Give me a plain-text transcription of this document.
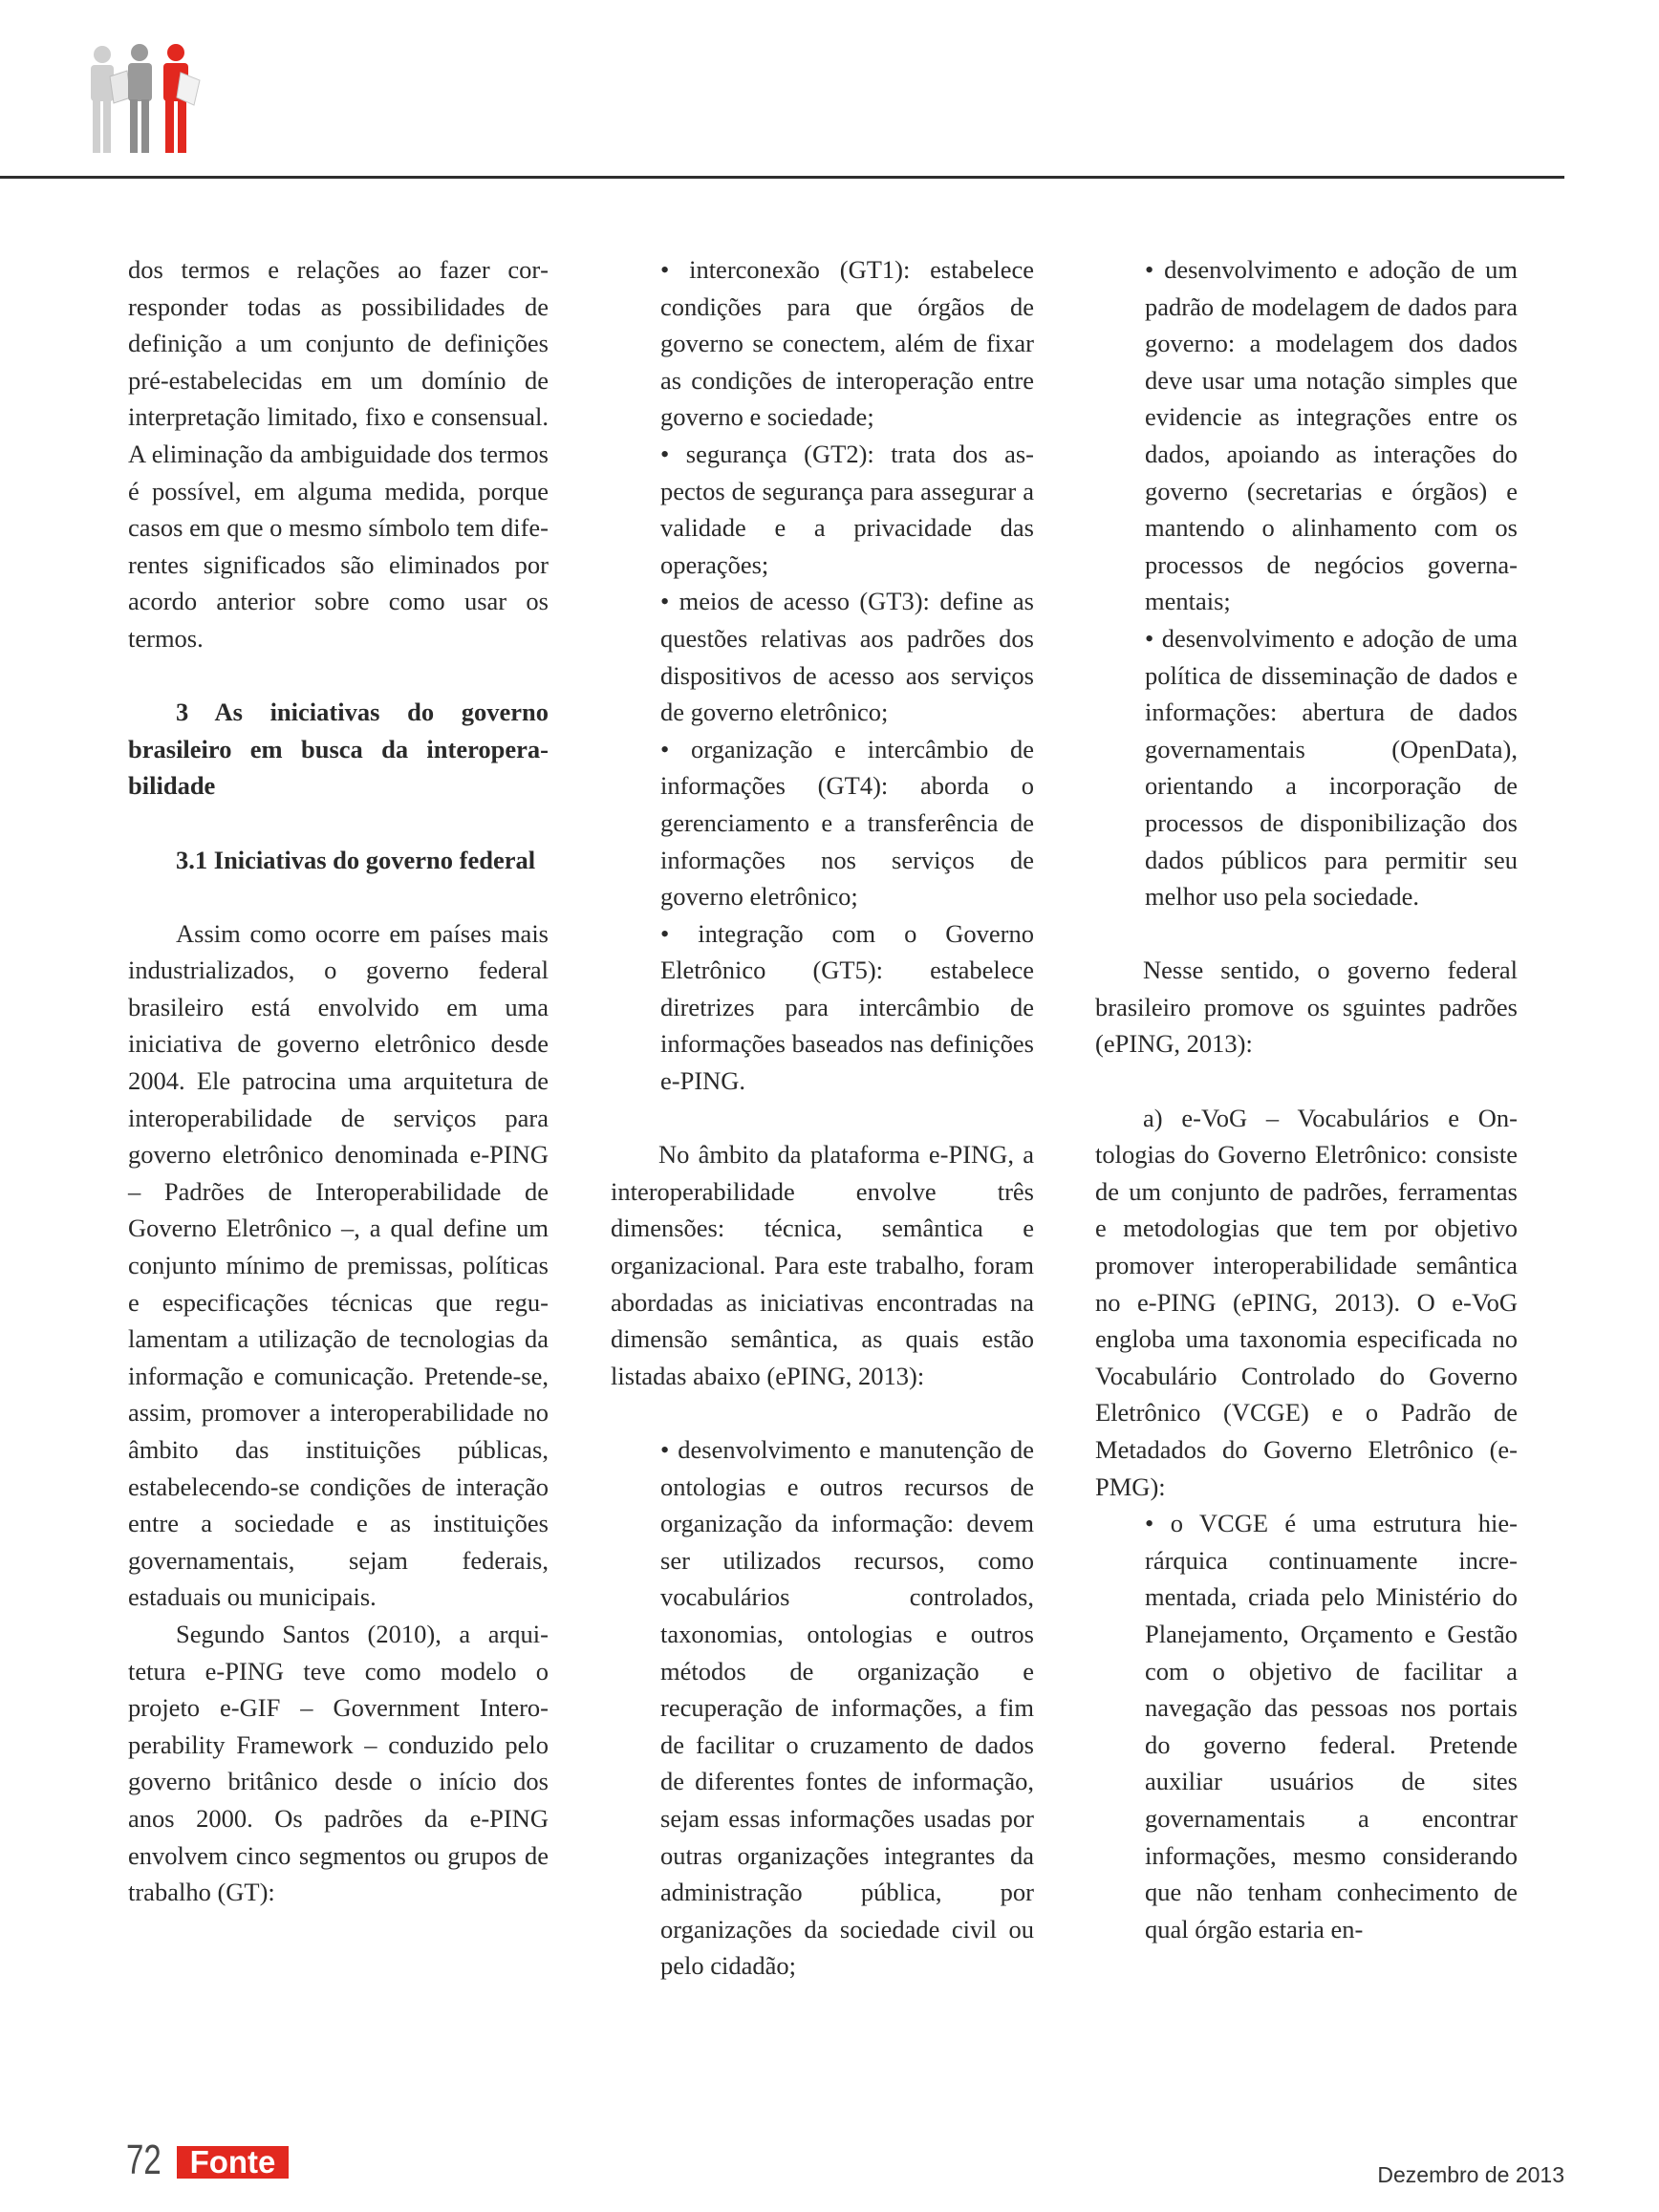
dos termos e relações ao fazer corresponder todas as possibilidades de definição a um conjunto de definições pré-estabelecidas em um domínio de interpretação limitado, fixo e consensual. A eliminação da ambiguidade dos termos é possível, em alguma medida, porque casos em que o mesmo símbolo tem diferentes significados são eliminados por acordo anterior sobre como usar os termos.

3 As iniciativas do governo brasileiro em busca da interoperabilidade

3.1 Iniciativas do governo federal

Assim como ocorre em países mais industrializados, o governo federal brasileiro está envolvido em uma iniciativa de governo eletrônico desde 2004. Ele patrocina uma arquitetura de interoperabilidade de serviços para governo eletrônico denominada e-PING – Padrões de Interoperabilidade de Governo Eletrônico –, a qual define um conjunto mínimo de premissas, políticas e especificações técnicas que regulamentam a utilização de tecnologias da informação e comunicação. Pretende-se, assim, promover a interoperabilidade no âmbito das instituições públicas, estabelecendo-se condições de interação entre a sociedade e as instituições governamentais, sejam federais, estaduais ou municipais.

Segundo Santos (2010), a arquitetura e-PING teve como modelo o projeto e-GIF – Government Interoperability Framework – conduzido pelo governo britânico desde o início dos anos 2000. Os padrões da e-PING envolvem cinco segmentos ou grupos de trabalho (GT):

• interconexão (GT1): estabelece condições para que órgãos de governo se conectem, além de fixar as condições de interoperação entre governo e sociedade;

• segurança (GT2): trata dos aspectos de segurança para assegurar a validade e a privacidade das operações;

• meios de acesso (GT3): define as questões relativas aos padrões dos dispositivos de acesso aos serviços de governo eletrônico;

• organização e intercâmbio de informações (GT4): aborda o gerenciamento e a transferência de informações nos serviços de governo eletrônico;

• integração com o Governo Eletrônico (GT5): estabelece diretrizes para intercâmbio de informações baseados nas definições e-PING.

No âmbito da plataforma e-PING, a interoperabilidade envolve três dimensões: técnica, semântica e organizacional. Para este trabalho, foram abordadas as iniciativas encontradas na dimensão semântica, as quais estão listadas abaixo (ePING, 2013):

• desenvolvimento e manutenção de ontologias e outros recursos de organização da informação: devem ser utilizados recursos, como vocabulários controlados, taxonomias, ontologias e outros métodos de organização e recuperação de informações, a fim de facilitar o cruzamento de dados de diferentes fontes de informação, sejam essas informações usadas por outras organizações integrantes da administração pública, por organizações da sociedade civil ou pelo cidadão;

• desenvolvimento e adoção de um padrão de modelagem de dados para governo: a modelagem dos dados deve usar uma notação simples que evidencie as integrações entre os dados, apoiando as interações do governo (secretarias e órgãos) e mantendo o alinhamento com os processos de negócios governamentais;

• desenvolvimento e adoção de uma política de disseminação de dados e informações: abertura de dados governamentais (OpenData), orientando a incorporação de processos de disponibilização dos dados públicos para permitir seu melhor uso pela sociedade.

Nesse sentido, o governo federal brasileiro promove os sguintes padrões (ePING, 2013):

a) e-VoG – Vocabulários e Ontologias do Governo Eletrônico: consiste de um conjunto de padrões, ferramentas e metodologias que tem por objetivo promover interoperabilidade semântica no e-PING (ePING, 2013). O e-VoG engloba uma taxonomia especificada no Vocabulário Controlado do Governo Eletrônico (VCGE) e o Padrão de Metadados do Governo Eletrônico (e-PMG):

• o VCGE é uma estrutura hierárquica continuamente incrementada, criada pelo Ministério do Planejamento, Orçamento e Gestão com o objetivo de facilitar a navegação das pessoas nos portais do governo federal. Pretende auxiliar usuários de sites governamentais a encontrar informações, mesmo considerando que não tenham conhecimento de qual órgão estaria en-

72 Fonte	Dezembro de 2013
